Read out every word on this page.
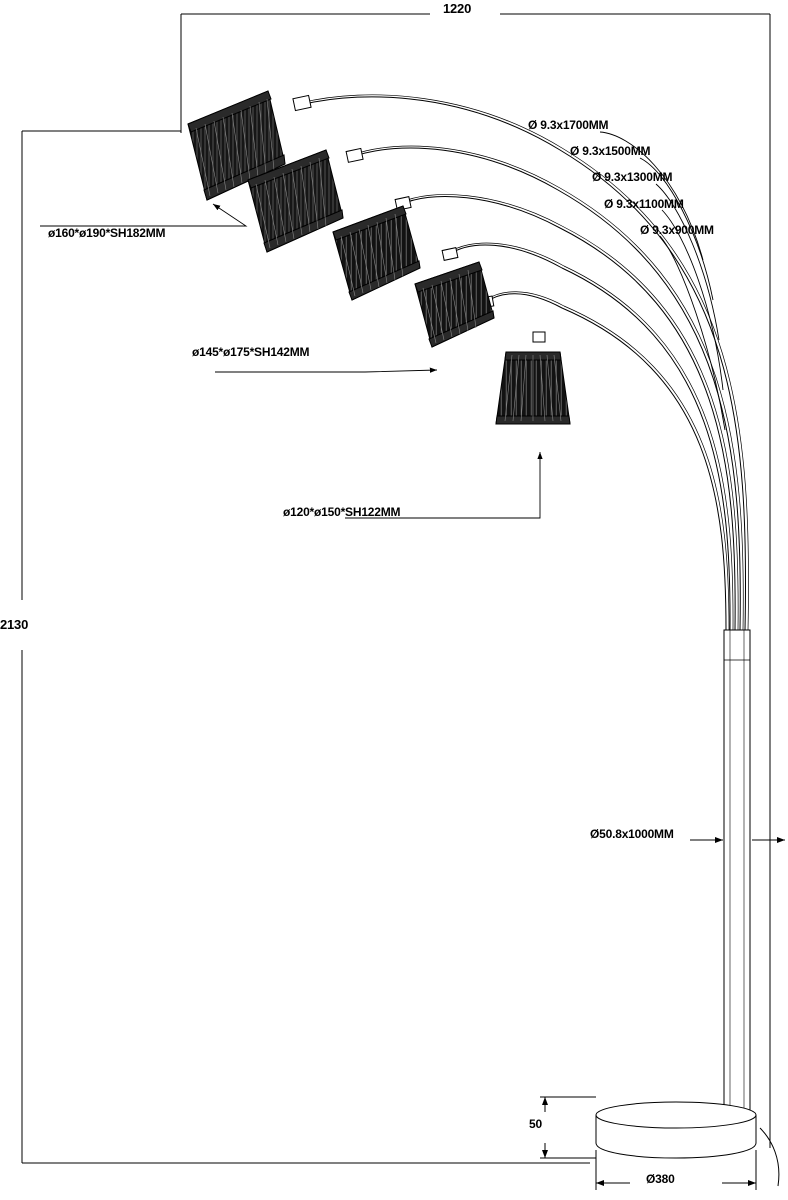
1220
2130
Ø 9.3x1700MM
Ø 9.3x1500MM
Ø 9.3x1300MM
Ø 9.3x1100MM
Ø 9.3x900MM
ø160*ø190*SH182MM
ø145*ø175*SH142MM
ø120*ø150*SH122MM
Ø50.8x1000MM
50
Ø380
